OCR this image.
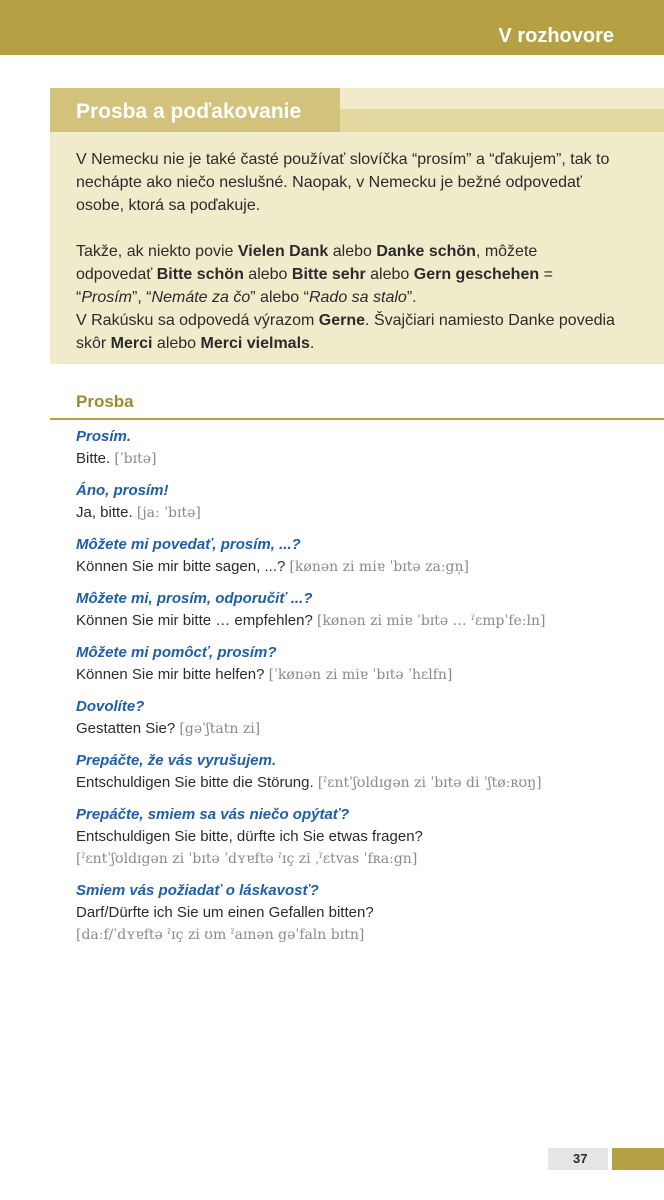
V rozhovore
Prosba a poďakovanie

V Nemecku nie je také časté používať slovíčka “prosím” a “ďakujem”, tak to nechápte ako niečo neslušné. Naopak, v Nemecku je bežné odpovedať osobe, ktorá sa poďakuje.

Takže, ak niekto povie Vielen Dank alebo Danke schön, môžete odpovedať Bitte schön alebo Bitte sehr alebo Gern geschehen = “Prosím”, “Nemáte za čo” alebo “Rado sa stalo”.
V Rakúsku sa odpovedá výrazom Gerne. Švajčiari namiesto Danke povedia skôr Merci alebo Merci vielmals.

Prosba
Prosím.
Bitte. [ˈbɪtə]
Áno, prosím!
Ja, bitte. [jaː ˈbɪtə]
Môžete mi povedať, prosím, ...?
Können Sie mir bitte sagen, ...? [kønən zi miɐ ˈbɪtə zaːgn̩]
Môžete mi, prosím, odporučiť ...?
Können Sie mir bitte … empfehlen? [kønən zi miɐ ˈbɪtə … ˀɛmpˈfeːln]
Môžete mi pomôcť, prosím?
Können Sie mir bitte helfen? [ˈkønən zi miɐ ˈbɪtə ˈhɛlfn]
Dovolíte?
Gestatten Sie? [gəˈʃtatn zi]
Prepáčte, že vás vyrušujem.
Entschuldigen Sie bitte die Störung. [ˀɛntˈʃʊldɪgən zi ˈbɪtə di ˈʃtøːʀʊŋ]
Prepáčte, smiem sa vás niečo opýtať?
Entschuldigen Sie bitte, dürfte ich Sie etwas fragen?
[ˀɛntˈʃʊldɪgən zi ˈbɪtə ˈdʏɐftə ˀɪç zi ˌˀɛtvas ˈfʀaːgn]
Smiem vás požiadať o láskavosť?
Darf/Dürfte ich Sie um einen Gefallen bitten?
[daːf/ˈdʏɐftə ˀɪç zi ʊm ˀaɪnən gəˈfaln bɪtn]
37
